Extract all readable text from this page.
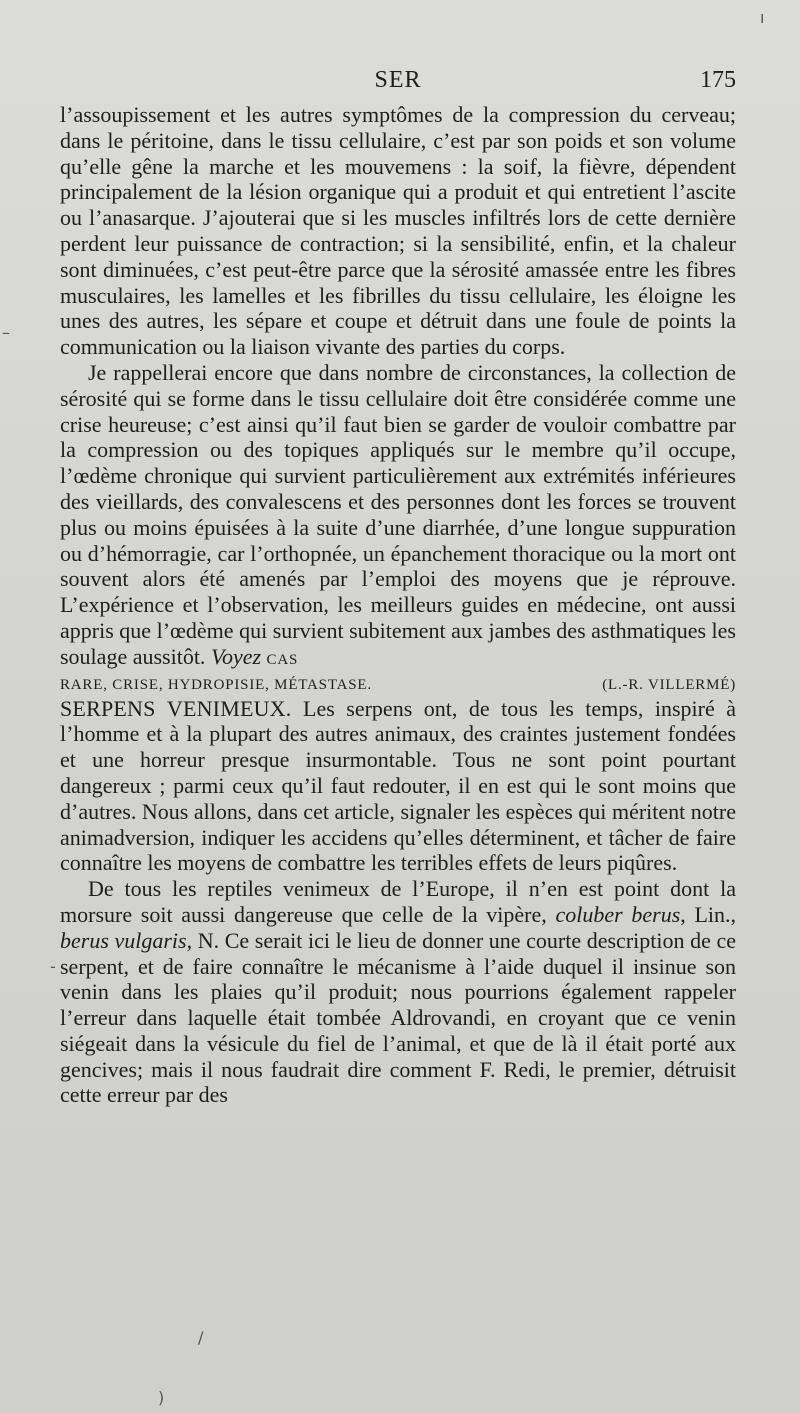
SER	175

l’assoupissement et les autres symptômes de la compression du cerveau; dans le péritoine, dans le tissu cellulaire, c’est par son poids et son volume qu’elle gêne la marche et les mouvemens : la soif, la fièvre, dépendent principalement de la lésion organique qui a produit et qui entretient l’ascite ou l’anasarque. J’ajouterai que si les muscles infiltrés lors de cette dernière perdent leur puissance de contraction; si la sensibilité, enfin, et la chaleur sont diminuées, c’est peut-être parce que la sérosité amassée entre les fibres musculaires, les lamelles et les fibrilles du tissu cellulaire, les éloigne les unes des autres, les sépare et coupe et détruit dans une foule de points la communication ou la liaison vivante des parties du corps.

Je rappellerai encore que dans nombre de circonstances, la collection de sérosité qui se forme dans le tissu cellulaire doit être considérée comme une crise heureuse; c’est ainsi qu’il faut bien se garder de vouloir combattre par la compression ou des topiques appliqués sur le membre qu’il occupe, l’œdème chronique qui survient particulièrement aux extrémités inférieures des vieillards, des convalescens et des personnes dont les forces se trouvent plus ou moins épuisées à la suite d’une diarrhée, d’une longue suppuration ou d’hémorragie, car l’orthopnée, un épanchement thoracique ou la mort ont souvent alors été amenés par l’emploi des moyens que je réprouve. L’expérience et l’observation, les meilleurs guides en médecine, ont aussi appris que l’œdème qui survient subitement aux jambes des asthmatiques les soulage aussitôt. Voyez CAS

RARE, CRISE, HYDROPISIE, MÉTASTASE.	(L.-R. VILLERMÉ)

SERPENS VENIMEUX. Les serpens ont, de tous les temps, inspiré à l’homme et à la plupart des autres animaux, des craintes justement fondées et une horreur presque insurmontable. Tous ne sont point pourtant dangereux ; parmi ceux qu’il faut redouter, il en est qui le sont moins que d’autres. Nous allons, dans cet article, signaler les espèces qui méritent notre animadversion, indiquer les accidens qu’elles déterminent, et tâcher de faire connaître les moyens de combattre les terribles effets de leurs piqûres.

De tous les reptiles venimeux de l’Europe, il n’en est point dont la morsure soit aussi dangereuse que celle de la vipère, coluber berus, Lin., berus vulgaris, N. Ce serait ici le lieu de donner une courte description de ce serpent, et de faire connaître le mécanisme à l’aide duquel il insinue son venin dans les plaies qu’il produit; nous pourrions également rappeler l’erreur dans laquelle était tombée Aldrovandi, en croyant que ce venin siégeait dans la vésicule du fiel de l’animal, et que de là il était porté aux gencives; mais il nous faudrait dire comment F. Redi, le premier, détruisit cette erreur par des

ı
–
-
/
)
